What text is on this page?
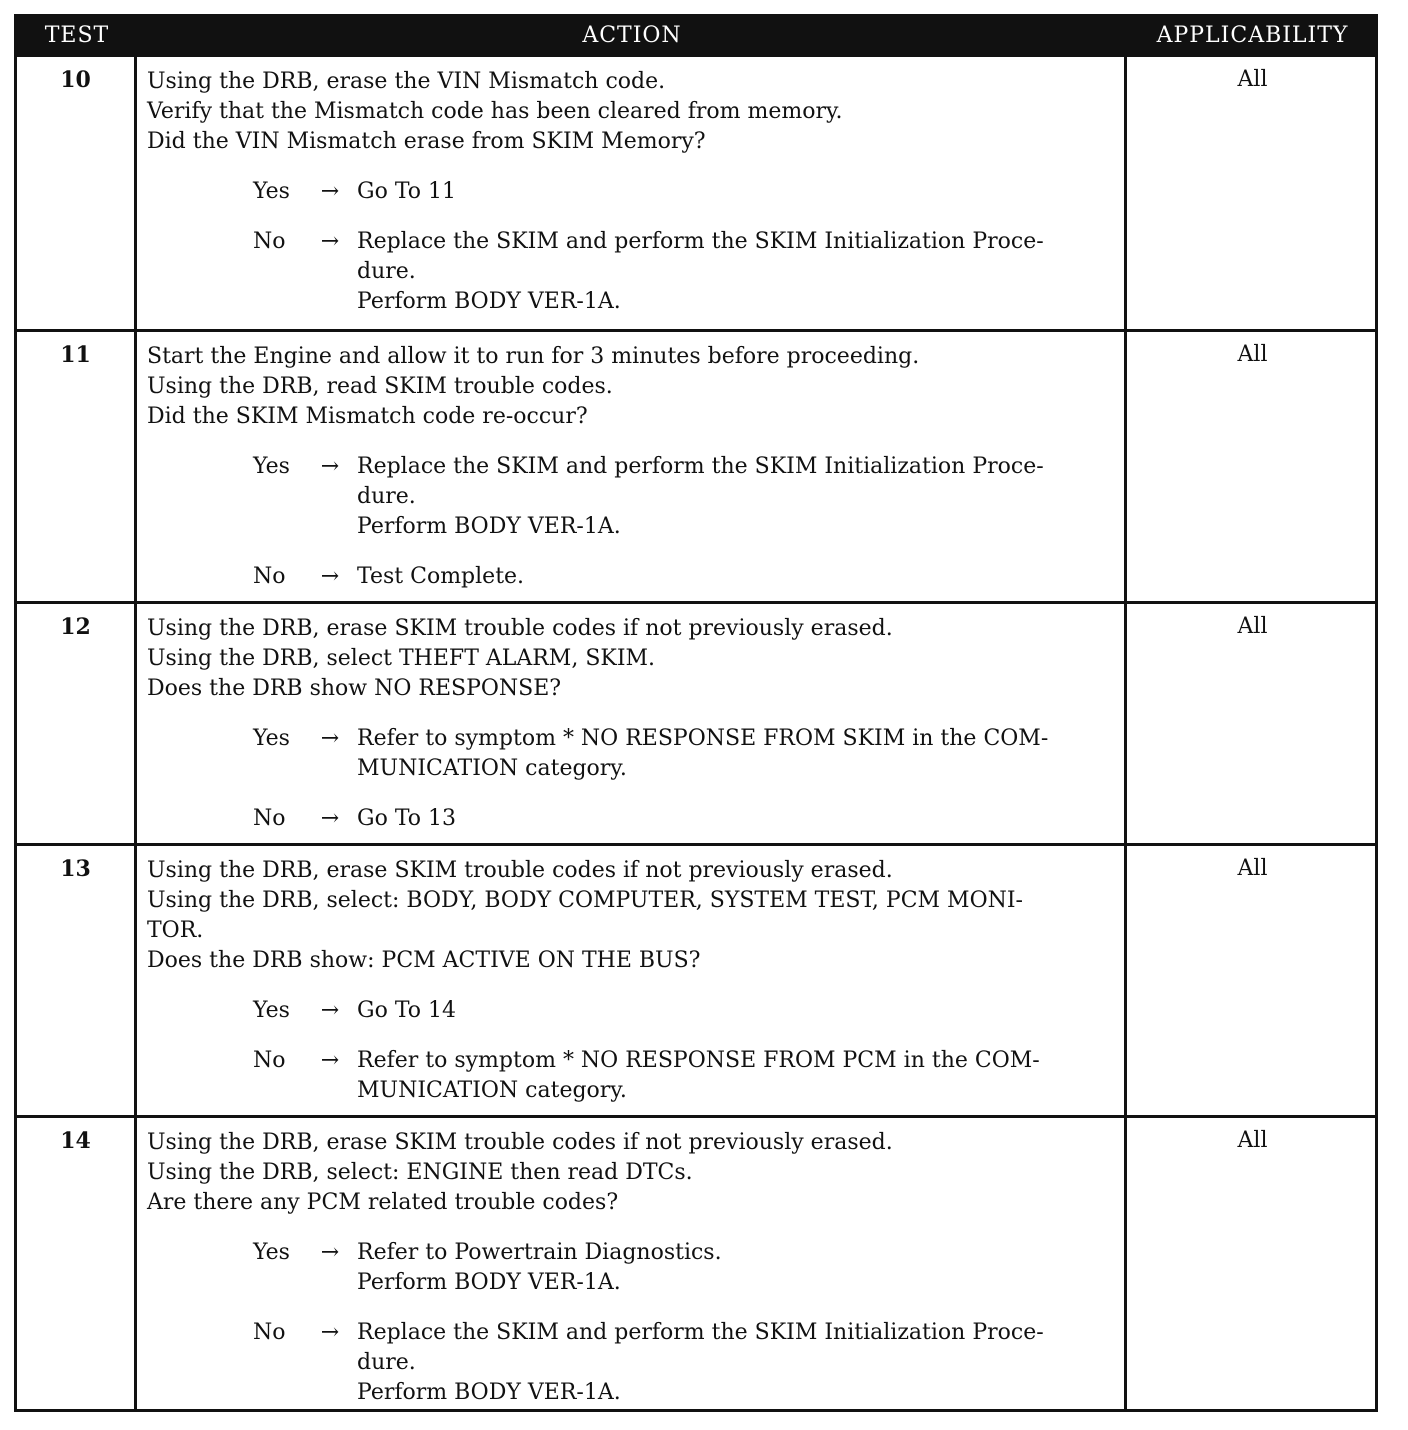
TEST	ACTION	APPLICABILITY
10	Using the DRB, erase the VIN Mismatch code.
Verify that the Mismatch code has been cleared from memory.
Did the VIN Mismatch erase from SKIM Memory?
Yes	→ Go To 11
No	→ Replace the SKIM and perform the SKIM Initialization Proce-
dure.
Perform BODY VER-1A.
All
11	Start the Engine and allow it to run for 3 minutes before proceeding.
Using the DRB, read SKIM trouble codes.
Did the SKIM Mismatch code re-occur?
Yes	→ Replace the SKIM and perform the SKIM Initialization Proce-
dure.
Perform BODY VER-1A.
No	→ Test Complete.
All
12	Using the DRB, erase SKIM trouble codes if not previously erased.
Using the DRB, select THEFT ALARM, SKIM.
Does the DRB show NO RESPONSE?
Yes	→ Refer to symptom * NO RESPONSE FROM SKIM in the COM-
MUNICATION category.
No	→ Go To 13
All
13	Using the DRB, erase SKIM trouble codes if not previously erased.
Using the DRB, select: BODY, BODY COMPUTER, SYSTEM TEST, PCM MONI-
TOR.
Does the DRB show: PCM ACTIVE ON THE BUS?
Yes	→ Go To 14
No	→ Refer to symptom * NO RESPONSE FROM PCM in the COM-
MUNICATION category.
All
14	Using the DRB, erase SKIM trouble codes if not previously erased.
Using the DRB, select: ENGINE then read DTCs.
Are there any PCM related trouble codes?
Yes	→ Refer to Powertrain Diagnostics.
Perform BODY VER-1A.
No	→ Replace the SKIM and perform the SKIM Initialization Proce-
dure.
Perform BODY VER-1A.
All
